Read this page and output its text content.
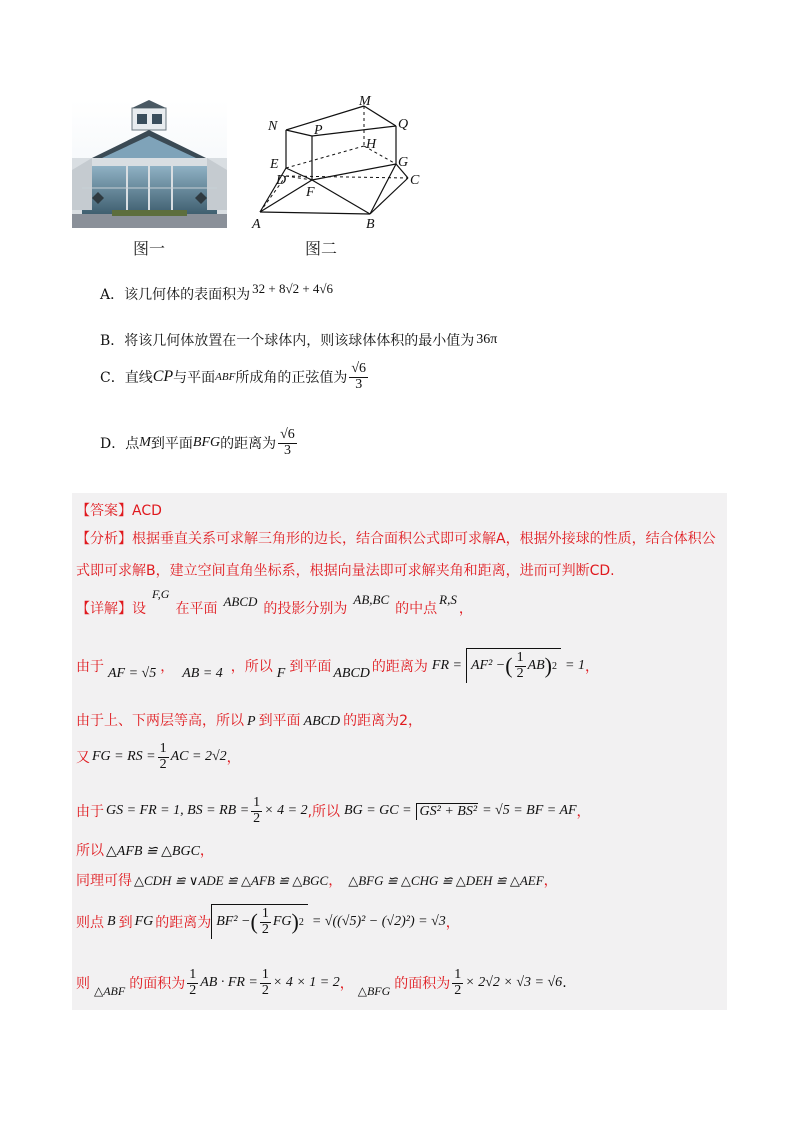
图一
M
N	P	Q
H
E	G
D
F
C
A	B
图二
A．该几何体的表面积为 32 + 8√2 + 4√6
B．将该几何体放置在一个球体内，则该球体体积的最小值为 36π
C．直线CP与平面ABF所成角的正弦值为 $\frac{√6}{3}$
D．点M到平面BFG的距离为 $\frac{√6}{3}$
【答案】ACD
【分析】根据垂直关系可求解三角形的边长，结合面积公式即可求解A，根据外接球的性质，结合体积公
式即可求解B，建立空间直角坐标系，根据向量法即可求解夹角和距离，进而可判断CD.
【详解】设F,G在平面 ABCD 的投影分别为AB,BC的中点R,S，
由于 AF = √5 ， AB = 4 ，所以 F 到平面 ABCD 的距离为 FR = AF² − ( $\frac{1}{2}$ AB ) 2 = 1 ，
由于上、下两层等高，所以 P 到平面 ABCD 的距离为2，
又 FG = RS = $\frac{1}{2}$ AC = 2√2 ，
由于 GS = FR = 1, BS = RB = $\frac{1}{2} \times 4 = 2$ ,所以 BG = GC = GS² + BS² = √5 = BF = AF ，
所以 △AFB ≌ △BGC，
同理可得 △CDH ≌ ∨ADE ≌ △AFB ≌ △BGC， △BFG ≌ △CHG ≌ △DEH ≌ △AEF，
则点 B 到 FG 的距离为 BF² − ( $\frac{1}{2}$ FG ) 2 = √((√5)² − (√2)²) = √3 ，
则 △ABF 的面积为 $\frac{1}{2}$ AB · FR = $\frac{1}{2} \times 4 \times 1 = 2$ ， △BFG 的面积为 $\frac{1}{2} \times 2√2 \times √3 = √6$ .
